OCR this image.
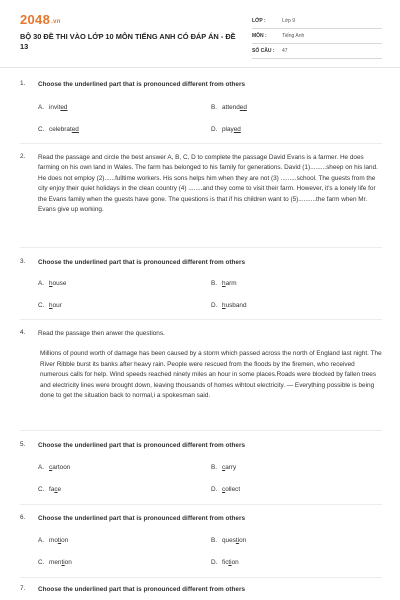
2048.vn
BỘ 30 ĐỀ THI VÀO LỚP 10 MÔN TIẾNG ANH CÓ ĐÁP ÁN - ĐỀ 13
LỚP :	Lớp 9
MÔN :	Tiếng Anh
SỐ CÂU :	47
1. Choose the underlined part that is pronounced different from others
A. invited	B. attended
C. celebrated	D. played
2. Read the passage and circle the best answer A, B, C, D to complete the passage David Evans is a farmer. He does farming on his own land in Wales. The farm has belonged to his family for generations. David (1).........sheep on his land. He does not employ (2)......fulltime workers. His sons helps him when they are not (3) .........school. The guests from the city enjoy their quiet holidays in the clean country (4) ........and they come to visit their farm. However, it's a lonely life for the Evans family when the guests have gone. The questions is that if his children want to (5)..........the farm when Mr. Evans give up working.
3. Choose the underlined part that is pronounced different from others
A. house	B. harm
C. hour	D. husband
4. Read the passage then anwer the questions.
Millions of pound worth of damage has been caused by a storm which passed across the north of England last night. The River Ribble burst its banks after heavy rain. People were rescued from the floods by the firemen, who received numerous calls for help. Wind speeds reached ninety miles an hour in some places.Roads were blocked by fallen trees and electricity lines were brought down, leaving thousands of homes wihtout electricity. — Everything possible is being done to get the situation back to normal,i a spokesman said.
5. Choose the underlined part that is pronounced different from others
A. cartoon	B. carry
C. face	D. collect
6. Choose the underlined part that is pronounced different from others
A. motion	B. question
C. mention	D. fiction
7. Choose the underlined part that is pronounced different from others
